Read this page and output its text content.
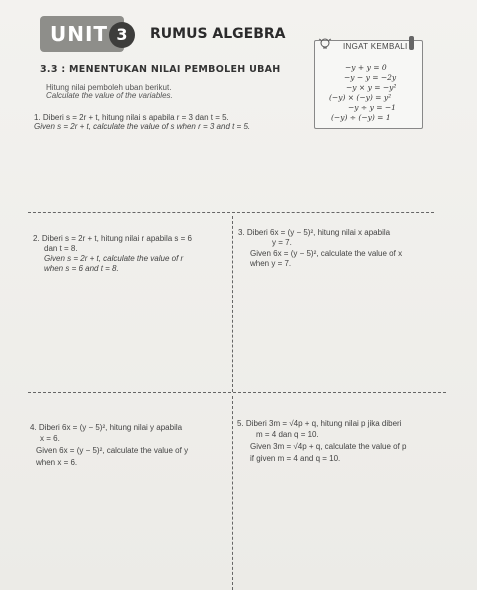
UNIT 3	RUMUS ALGEBRA
3.3 : MENENTUKAN NILAI PEMBOLEH UBAH
Hitung nilai pemboleh uban berikut.
Calculate the value of the variables.
1. Diberi s = 2r + t, hitung nilai s apabila r = 3 dan t = 5.
Given s = 2r + t, calculate the value of s when r = 3 and t = 5.
INGAT KEMBALI
−y + y = 0
−y − y = −2y
−y × y = −y²
(−y) × (−y) = y²
−y ÷ y = −1
(−y) ÷ (−y) = 1
2. Diberi s = 2r + t, hitung nilai r apabila s = 6
dan t = 8.
Given s = 2r + t, calculate the value of r
when s = 6 and t = 8.
3. Diberi 6x = (y − 5)², hitung nilai x apabila
y = 7.
Given 6x = (y − 5)², calculate the value of x
when y = 7.
4. Diberi 6x = (y − 5)², hitung nilai y apabila
x = 6.
Given 6x = (y − 5)², calculate the value of y
when x = 6.
5. Diberi 3m = √4p + q, hitung nilai p jika diberi
m = 4 dan q = 10.
Given 3m = √4p + q, calculate the value of p
if given m = 4 and q = 10.
